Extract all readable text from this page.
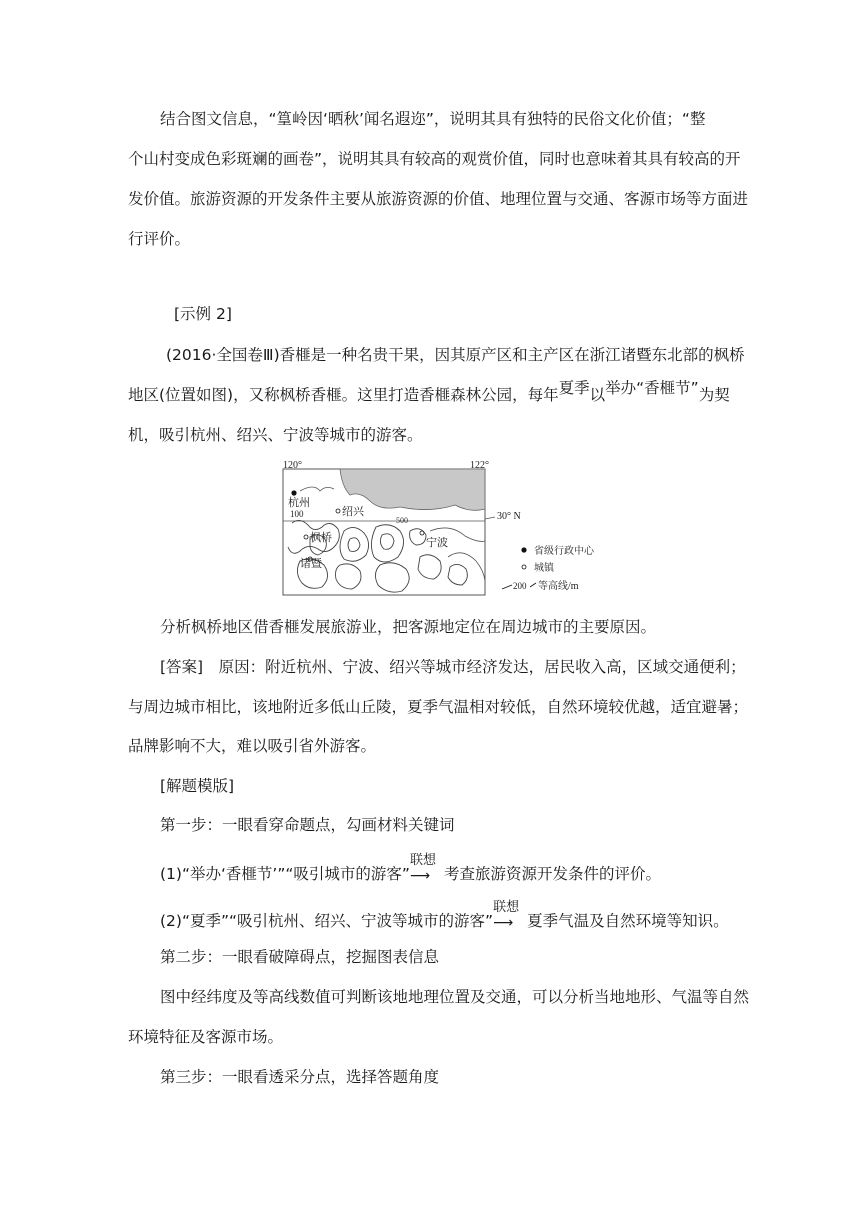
结合图文信息，“篁岭因‘晒秋’闻名遐迩”，说明其具有独特的民俗文化价值；“整
个山村变成色彩斑斓的画卷”，说明其具有较高的观赏价值，同时也意味着其具有较高的开
发价值。旅游资源的开发条件主要从旅游资源的价值、地理位置与交通、客源市场等方面进
行评价。
[示例 2]
(2016·全国卷Ⅲ)香榧是一种名贵干果，因其原产区和主产区在浙江诸暨东北部的枫桥
地区(位置如图)，又称枫桥香榧。这里打造香榧森林公园，每年夏季以举办“香榧节”为契
机，吸引杭州、绍兴、宁波等城市的游客。
120°	122°
30° N
杭州
100	绍兴
枫桥	宁波
诸暨
500
省级行政中心
城镇
200 等高线/m
分析枫桥地区借香榧发展旅游业，把客源地定位在周边城市的主要原因。
[答案]　原因：附近杭州、宁波、绍兴等城市经济发达，居民收入高，区域交通便利；
与周边城市相比，该地附近多低山丘陵，夏季气温相对较低，自然环境较优越，适宜避暑；
品牌影响不大，难以吸引省外游客。
[解题模版]
第一步：一眼看穿命题点，勾画材料关键词
(1)“举办‘香榧节’”“吸引城市的游客”
联想
⟶ 考查旅游资源开发条件的评价。
(2)“夏季”“吸引杭州、绍兴、宁波等城市的游客”
联想
⟶ 夏季气温及自然环境等知识。
第二步：一眼看破障碍点，挖掘图表信息
图中经纬度及等高线数值可判断该地地理位置及交通，可以分析当地地形、气温等自然
环境特征及客源市场。
第三步：一眼看透采分点，选择答题角度
